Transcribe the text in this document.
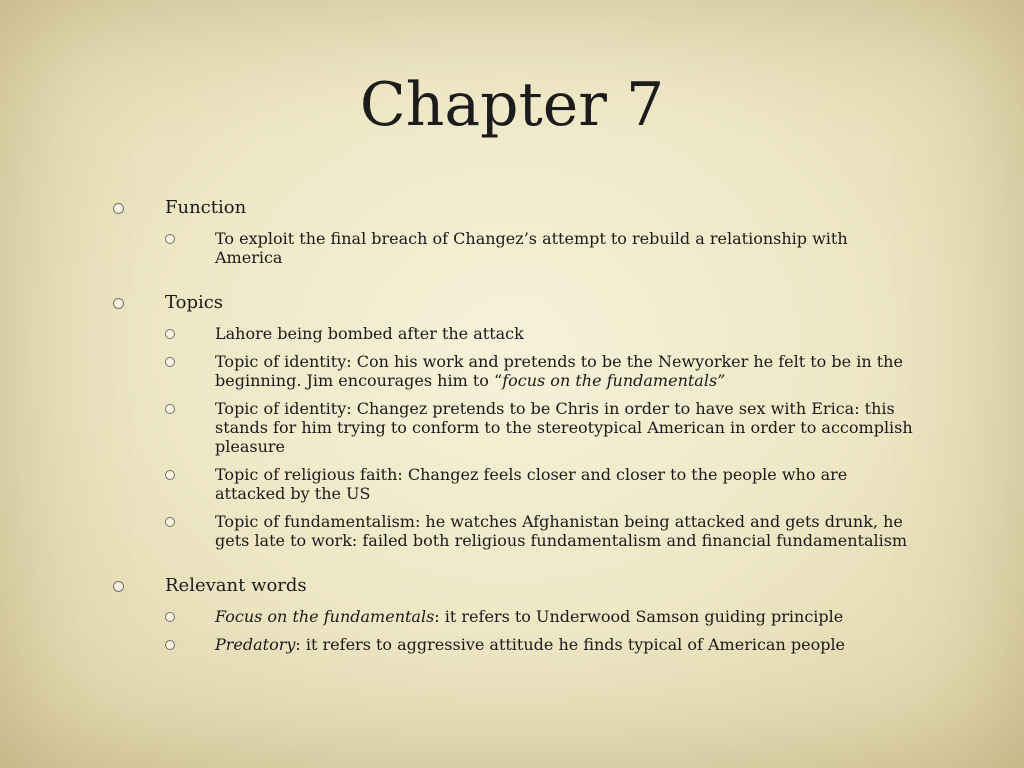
Chapter 7
Function
To exploit the final breach of Changez’s attempt to rebuild a relationship with America
Topics
Lahore being bombed after the attack
Topic of identity: Con his work and pretends to be the Newyorker he felt to be in the beginning. Jim encourages him to “focus on the fundamentals”
Topic of identity: Changez pretends to be Chris in order to have sex with Erica: this stands for him trying to conform to the stereotypical American in order to accomplish pleasure
Topic of religious faith: Changez feels closer and closer to the people who are attacked by the US
Topic of fundamentalism: he watches Afghanistan being attacked and gets drunk, he gets late to work: failed both religious fundamentalism and financial fundamentalism
Relevant words
Focus on the fundamentals: it refers to Underwood Samson guiding principle
Predatory: it refers to aggressive attitude he finds typical of American people
